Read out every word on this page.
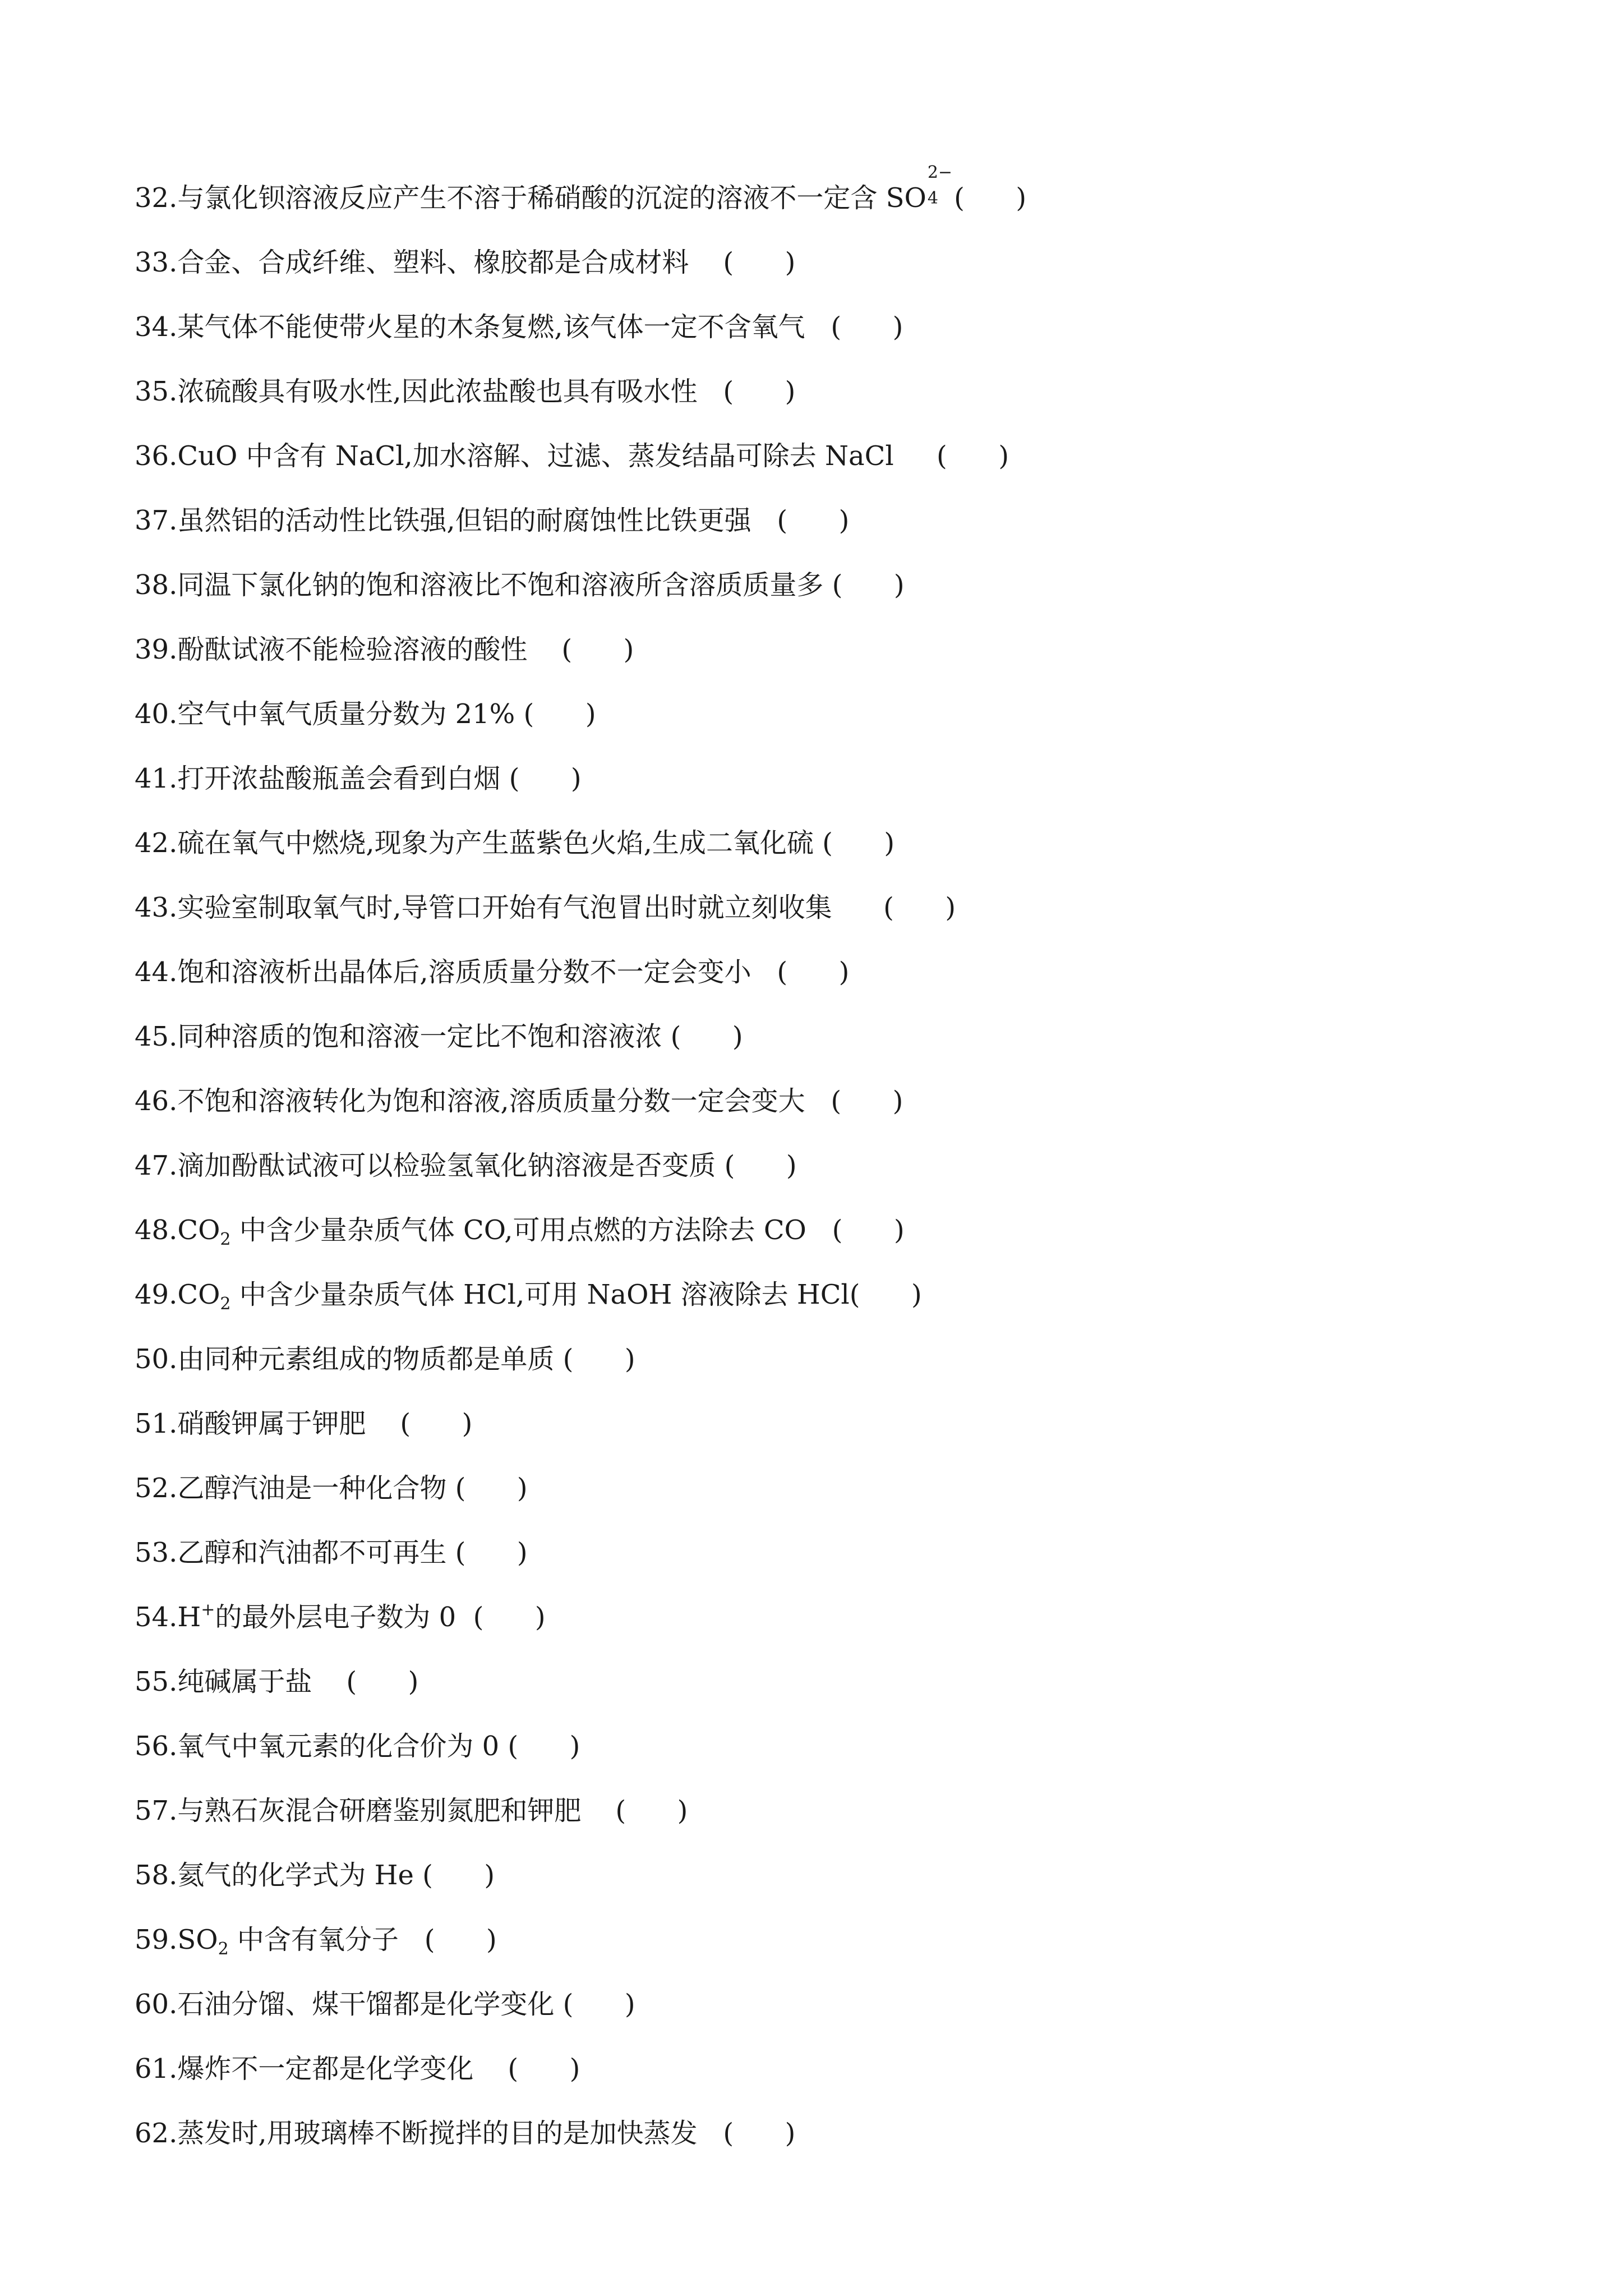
32.与氯化钡溶液反应产生不溶于稀硝酸的沉淀的溶液不一定含 SO
2−
4 (      )
33.合金、合成纤维、塑料、橡胶都是合成材料    (      )
34.某气体不能使带火星的木条复燃,该气体一定不含氧气   (      )
35.浓硫酸具有吸水性,因此浓盐酸也具有吸水性   (      )
36.CuO 中含有 NaCl,加水溶解、过滤、蒸发结晶可除去 NaCl     (      )
37.虽然铝的活动性比铁强,但铝的耐腐蚀性比铁更强   (      )
38.同温下氯化钠的饱和溶液比不饱和溶液所含溶质质量多 (      )
39.酚酞试液不能检验溶液的酸性    (      )
40.空气中氧气质量分数为 21% (      )
41.打开浓盐酸瓶盖会看到白烟 (      )
42.硫在氧气中燃烧,现象为产生蓝紫色火焰,生成二氧化硫 (      )
43.实验室制取氧气时,导管口开始有气泡冒出时就立刻收集      (      )
44.饱和溶液析出晶体后,溶质质量分数不一定会变小   (      )
45.同种溶质的饱和溶液一定比不饱和溶液浓 (      )
46.不饱和溶液转化为饱和溶液,溶质质量分数一定会变大   (      )
47.滴加酚酞试液可以检验氢氧化钠溶液是否变质 (      )
$48.CO_2$ 中含少量杂质气体 CO,可用点燃的方法除去 CO   (      )
$49.CO_2$ 中含少量杂质气体 HCl,可用 NaOH 溶液除去 HCl(      )
50.由同种元素组成的物质都是单质 (      )
51.硝酸钾属于钾肥    (      )
52.乙醇汽油是一种化合物 (      )
53.乙醇和汽油都不可再生 (      )
54.H+的最外层电子数为 0  (      )
55.纯碱属于盐    (      )
56.氧气中氧元素的化合价为 0 (      )
57.与熟石灰混合研磨鉴别氮肥和钾肥    (      )
58.氦气的化学式为 He (      )
$59.SO_2$ 中含有氧分子   (      )
60.石油分馏、煤干馏都是化学变化 (      )
61.爆炸不一定都是化学变化    (      )
62.蒸发时,用玻璃棒不断搅拌的目的是加快蒸发   (      )
